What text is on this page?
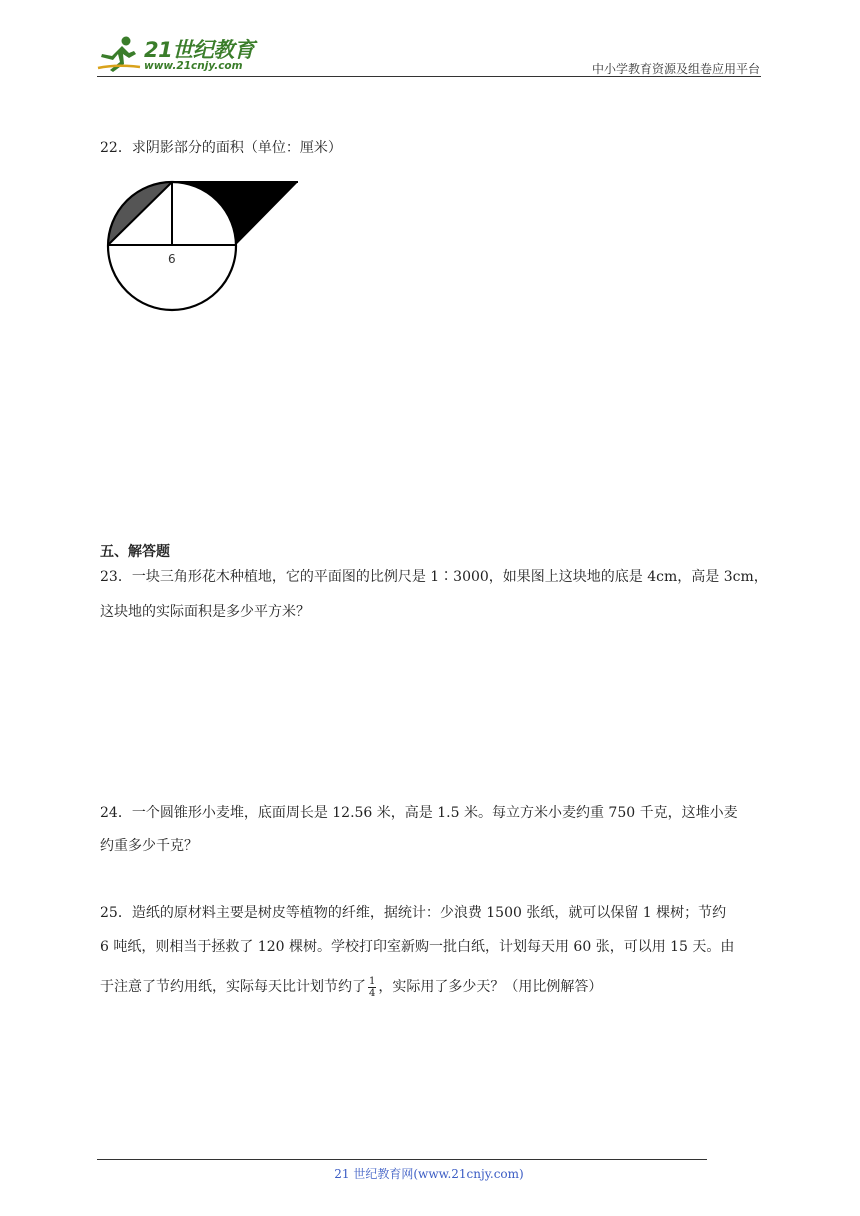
21世纪教育
www.21cnjy.com	中小学教育资源及组卷应用平台
22．求阴影部分的面积（单位：厘米）
6
五、解答题
23．一块三角形花木种植地，它的平面图的比例尺是 1∶3000，如果图上这块地的底是 4cm，高是 3cm，
这块地的实际面积是多少平方米？
24．一个圆锥形小麦堆，底面周长是 12.56 米，高是 1.5 米。每立方米小麦约重 750 千克，这堆小麦
约重多少千克？
25．造纸的原材料主要是树皮等植物的纤维，据统计：少浪费 1500 张纸，就可以保留 1 棵树；节约
6 吨纸，则相当于拯救了 120 棵树。学校打印室新购一批白纸，计划每天用 60 张，可以用 15 天。由
于注意了节约用纸，实际每天比计划节约了 $\frac{1}{4}$ ，实际用了多少天？（用比例解答）
21 世纪教育网(www.21cnjy.com)
